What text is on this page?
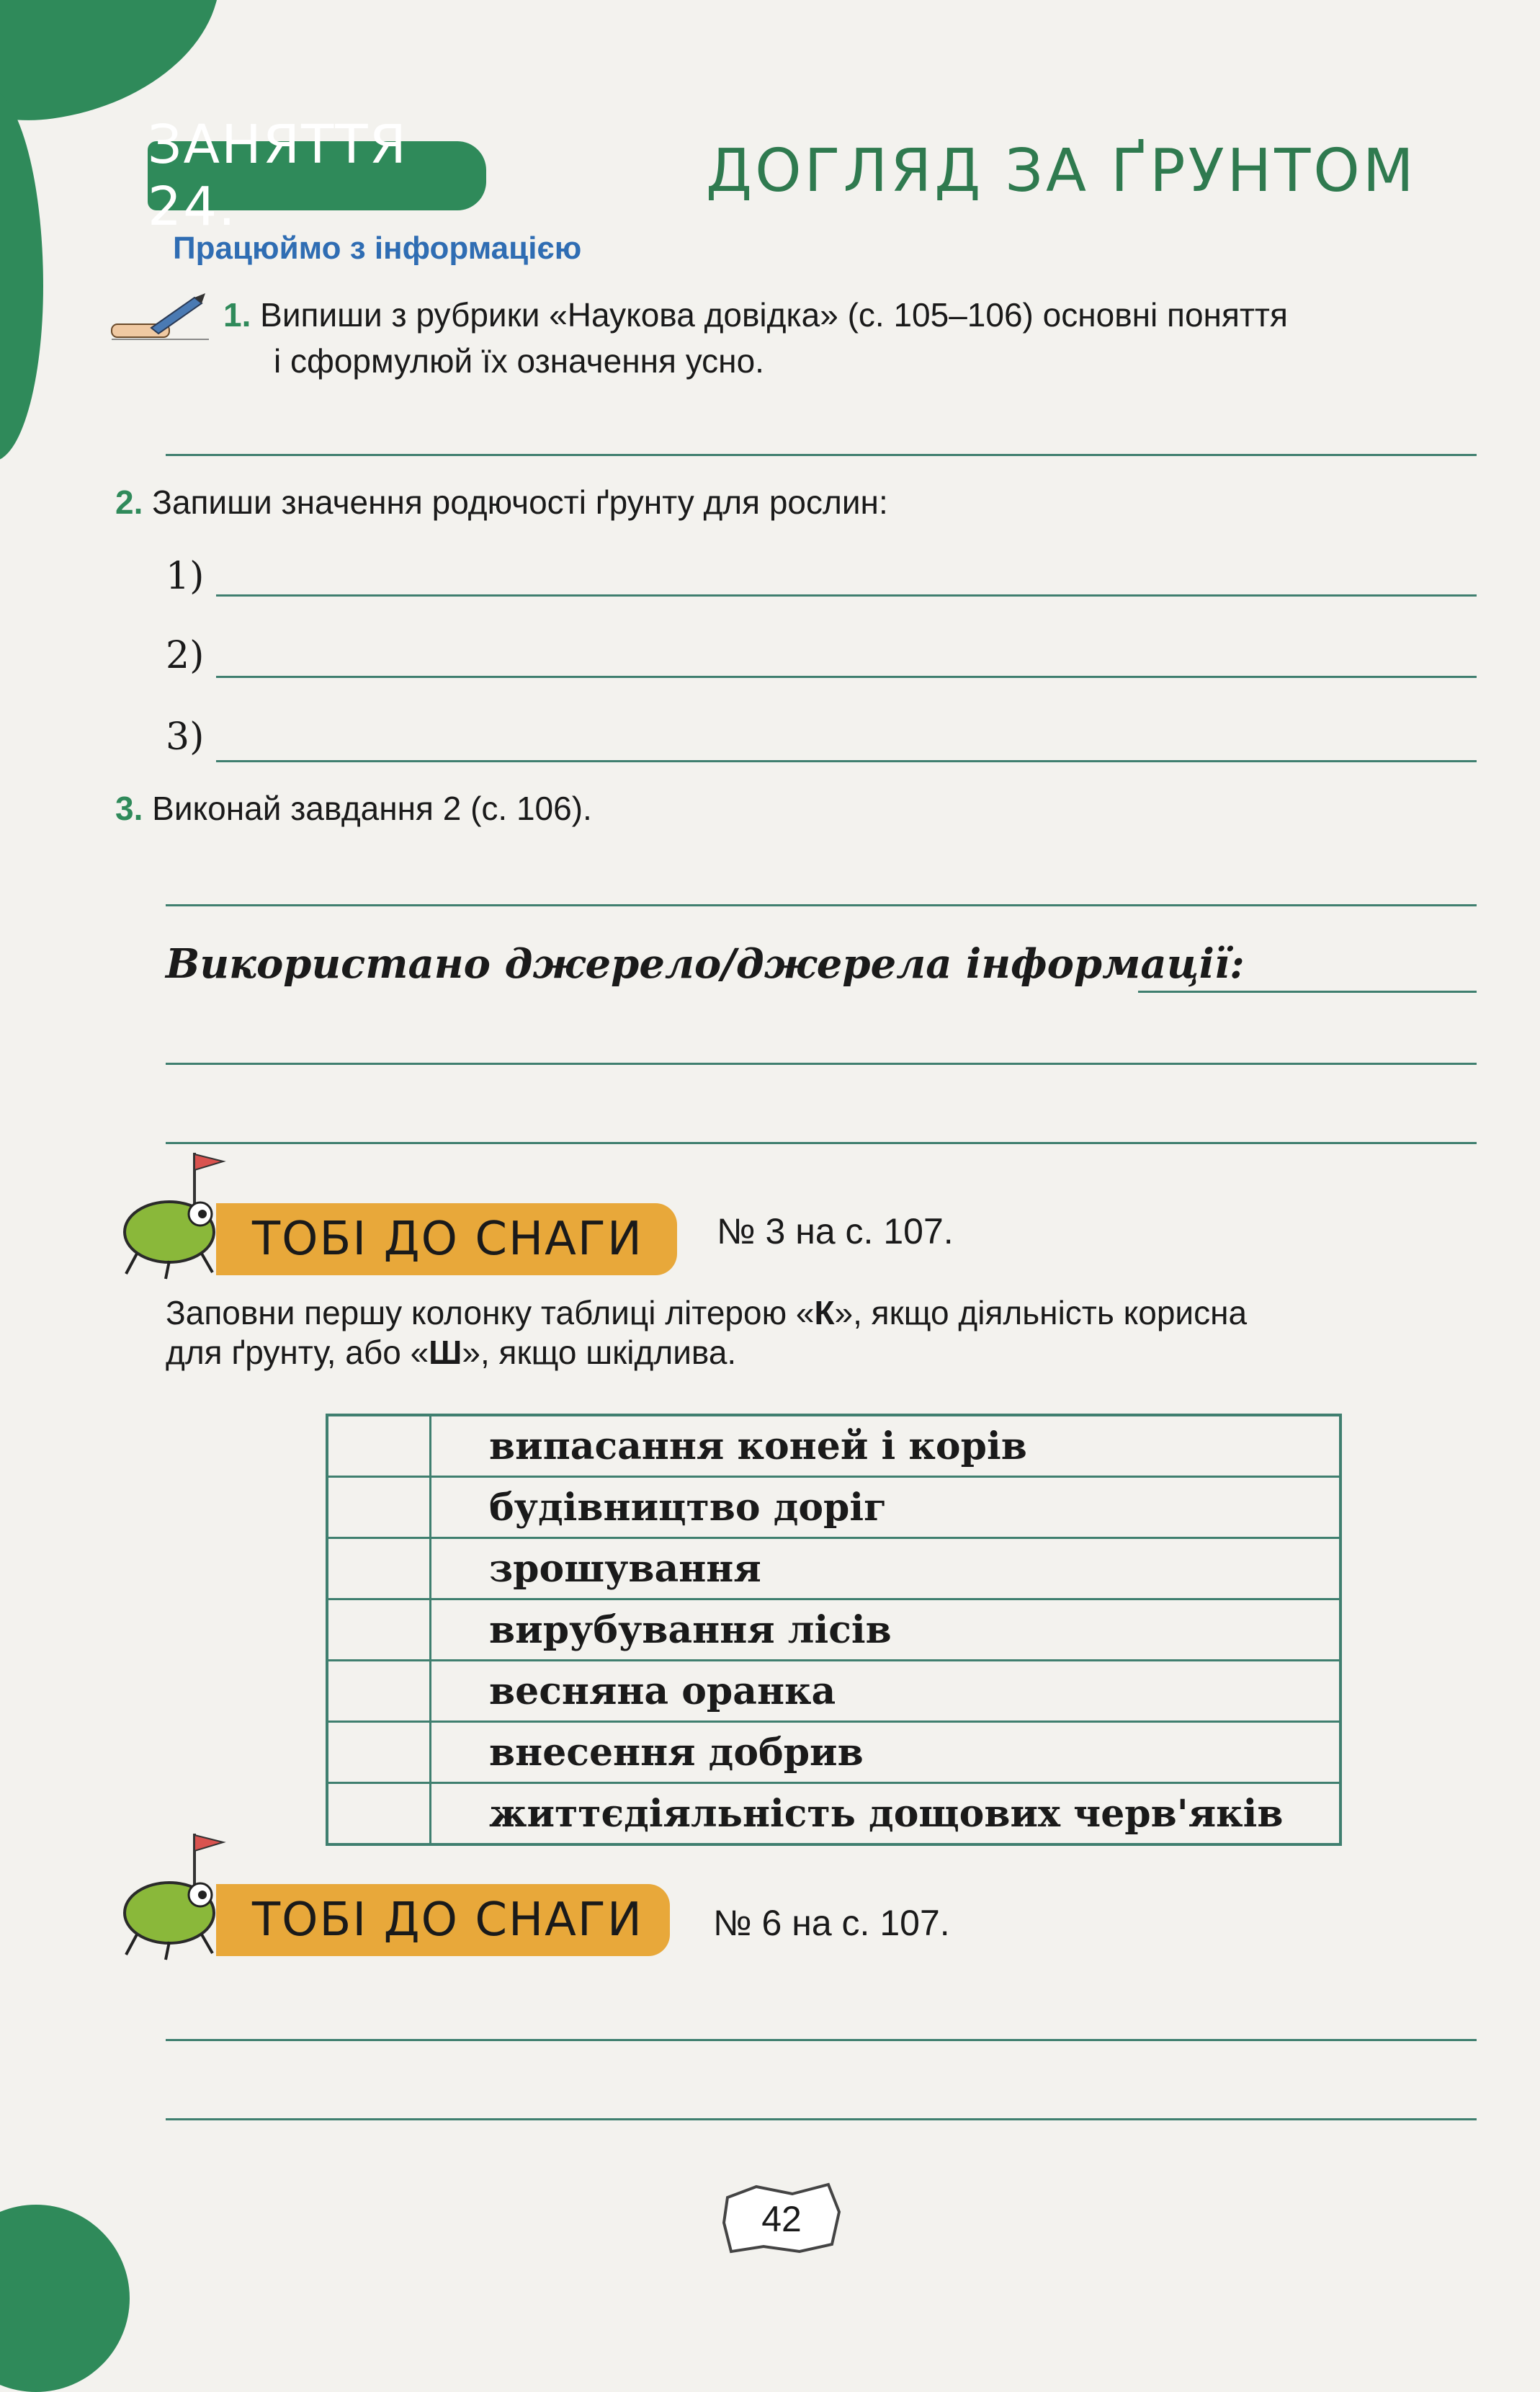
ЗАНЯТТЯ 24.
ДОГЛЯД ЗА ҐРУНТОМ
Працюймо з інформацією
1. Випиши з рубрики «Наукова довідка» (с. 105–106) основні поняття
і сформулюй їх означення усно.
2. Запиши значення родючості ґрунту для рослин:
1)
2)
3)
3. Виконай завдання 2 (с. 106).
Використано джерело/джерела інформації:
ТОБІ ДО СНАГИ	№ 3 на с. 107.
Заповни першу колонку таблиці літерою «К», якщо діяльність корисна
для ґрунту, або «Ш», якщо шкідлива.
	випасання коней і корів
	будівництво доріг
	зрошування
	вирубування лісів
	весняна оранка
	внесення добрив
	життєдіяльність дощових черв'яків
ТОБІ ДО СНАГИ	№ 6 на с. 107.
42
